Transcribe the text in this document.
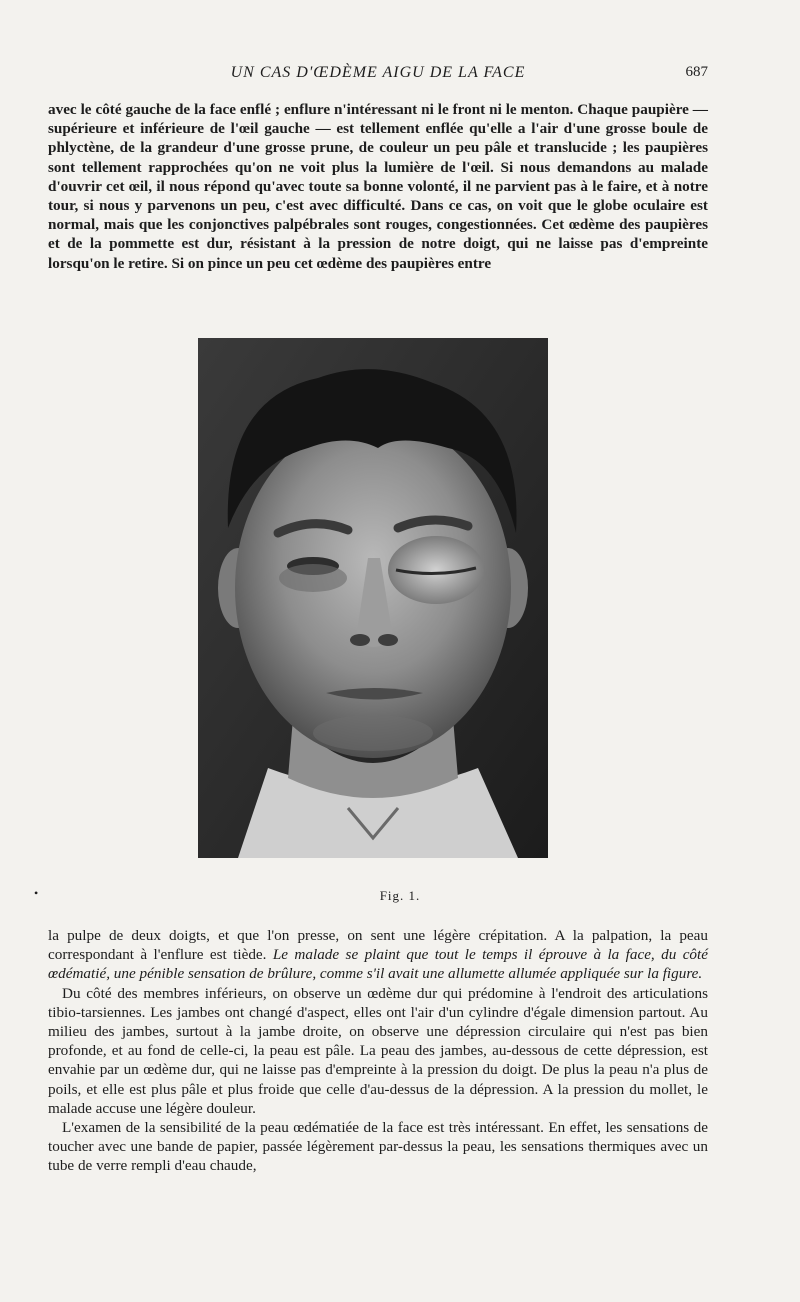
UN CAS D'ŒDÈME AIGU DE LA FACE	687

avec le côté gauche de la face enflé ; enflure n'intéressant ni le front ni le menton. Chaque paupière — supérieure et inférieure de l'œil gauche — est tellement enflée qu'elle a l'air d'une grosse boule de phlyctène, de la grandeur d'une grosse prune, de couleur un peu pâle et translucide ; les paupières sont tellement rapprochées qu'on ne voit plus la lumière de l'œil. Si nous demandons au malade d'ouvrir cet œil, il nous répond qu'avec toute sa bonne volonté, il ne parvient pas à le faire, et à notre tour, si nous y parvenons un peu, c'est avec difficulté. Dans ce cas, on voit que le globe oculaire est normal, mais que les conjonctives palpébrales sont rouges, congestionnées. Cet œdème des paupières et de la pommette est dur, résistant à la pression de notre doigt, qui ne laisse pas d'empreinte lorsqu'on le retire. Si on pince un peu cet œdème des paupières entre

•	Fig. 1.

la pulpe de deux doigts, et que l'on presse, on sent une légère crépitation. A la palpation, la peau correspondant à l'enflure est tiède. Le malade se plaint que tout le temps il éprouve à la face, du côté œdématié, une pénible sensation de brûlure, comme s'il avait une allumette allumée appliquée sur la figure.

Du côté des membres inférieurs, on observe un œdème dur qui prédomine à l'endroit des articulations tibio-tarsiennes. Les jambes ont changé d'aspect, elles ont l'air d'un cylindre d'égale dimension partout. Au milieu des jambes, surtout à la jambe droite, on observe une dépression circulaire qui n'est pas bien profonde, et au fond de celle-ci, la peau est pâle. La peau des jambes, au-dessous de cette dépression, est envahie par un œdème dur, qui ne laisse pas d'empreinte à la pression du doigt. De plus la peau n'a plus de poils, et elle est plus pâle et plus froide que celle d'au-dessus de la dépression. A la pression du mollet, le malade accuse une légère douleur.

L'examen de la sensibilité de la peau œdématiée de la face est très intéressant. En effet, les sensations de toucher avec une bande de papier, passée légèrement par-dessus la peau, les sensations thermiques avec un tube de verre rempli d'eau chaude,
